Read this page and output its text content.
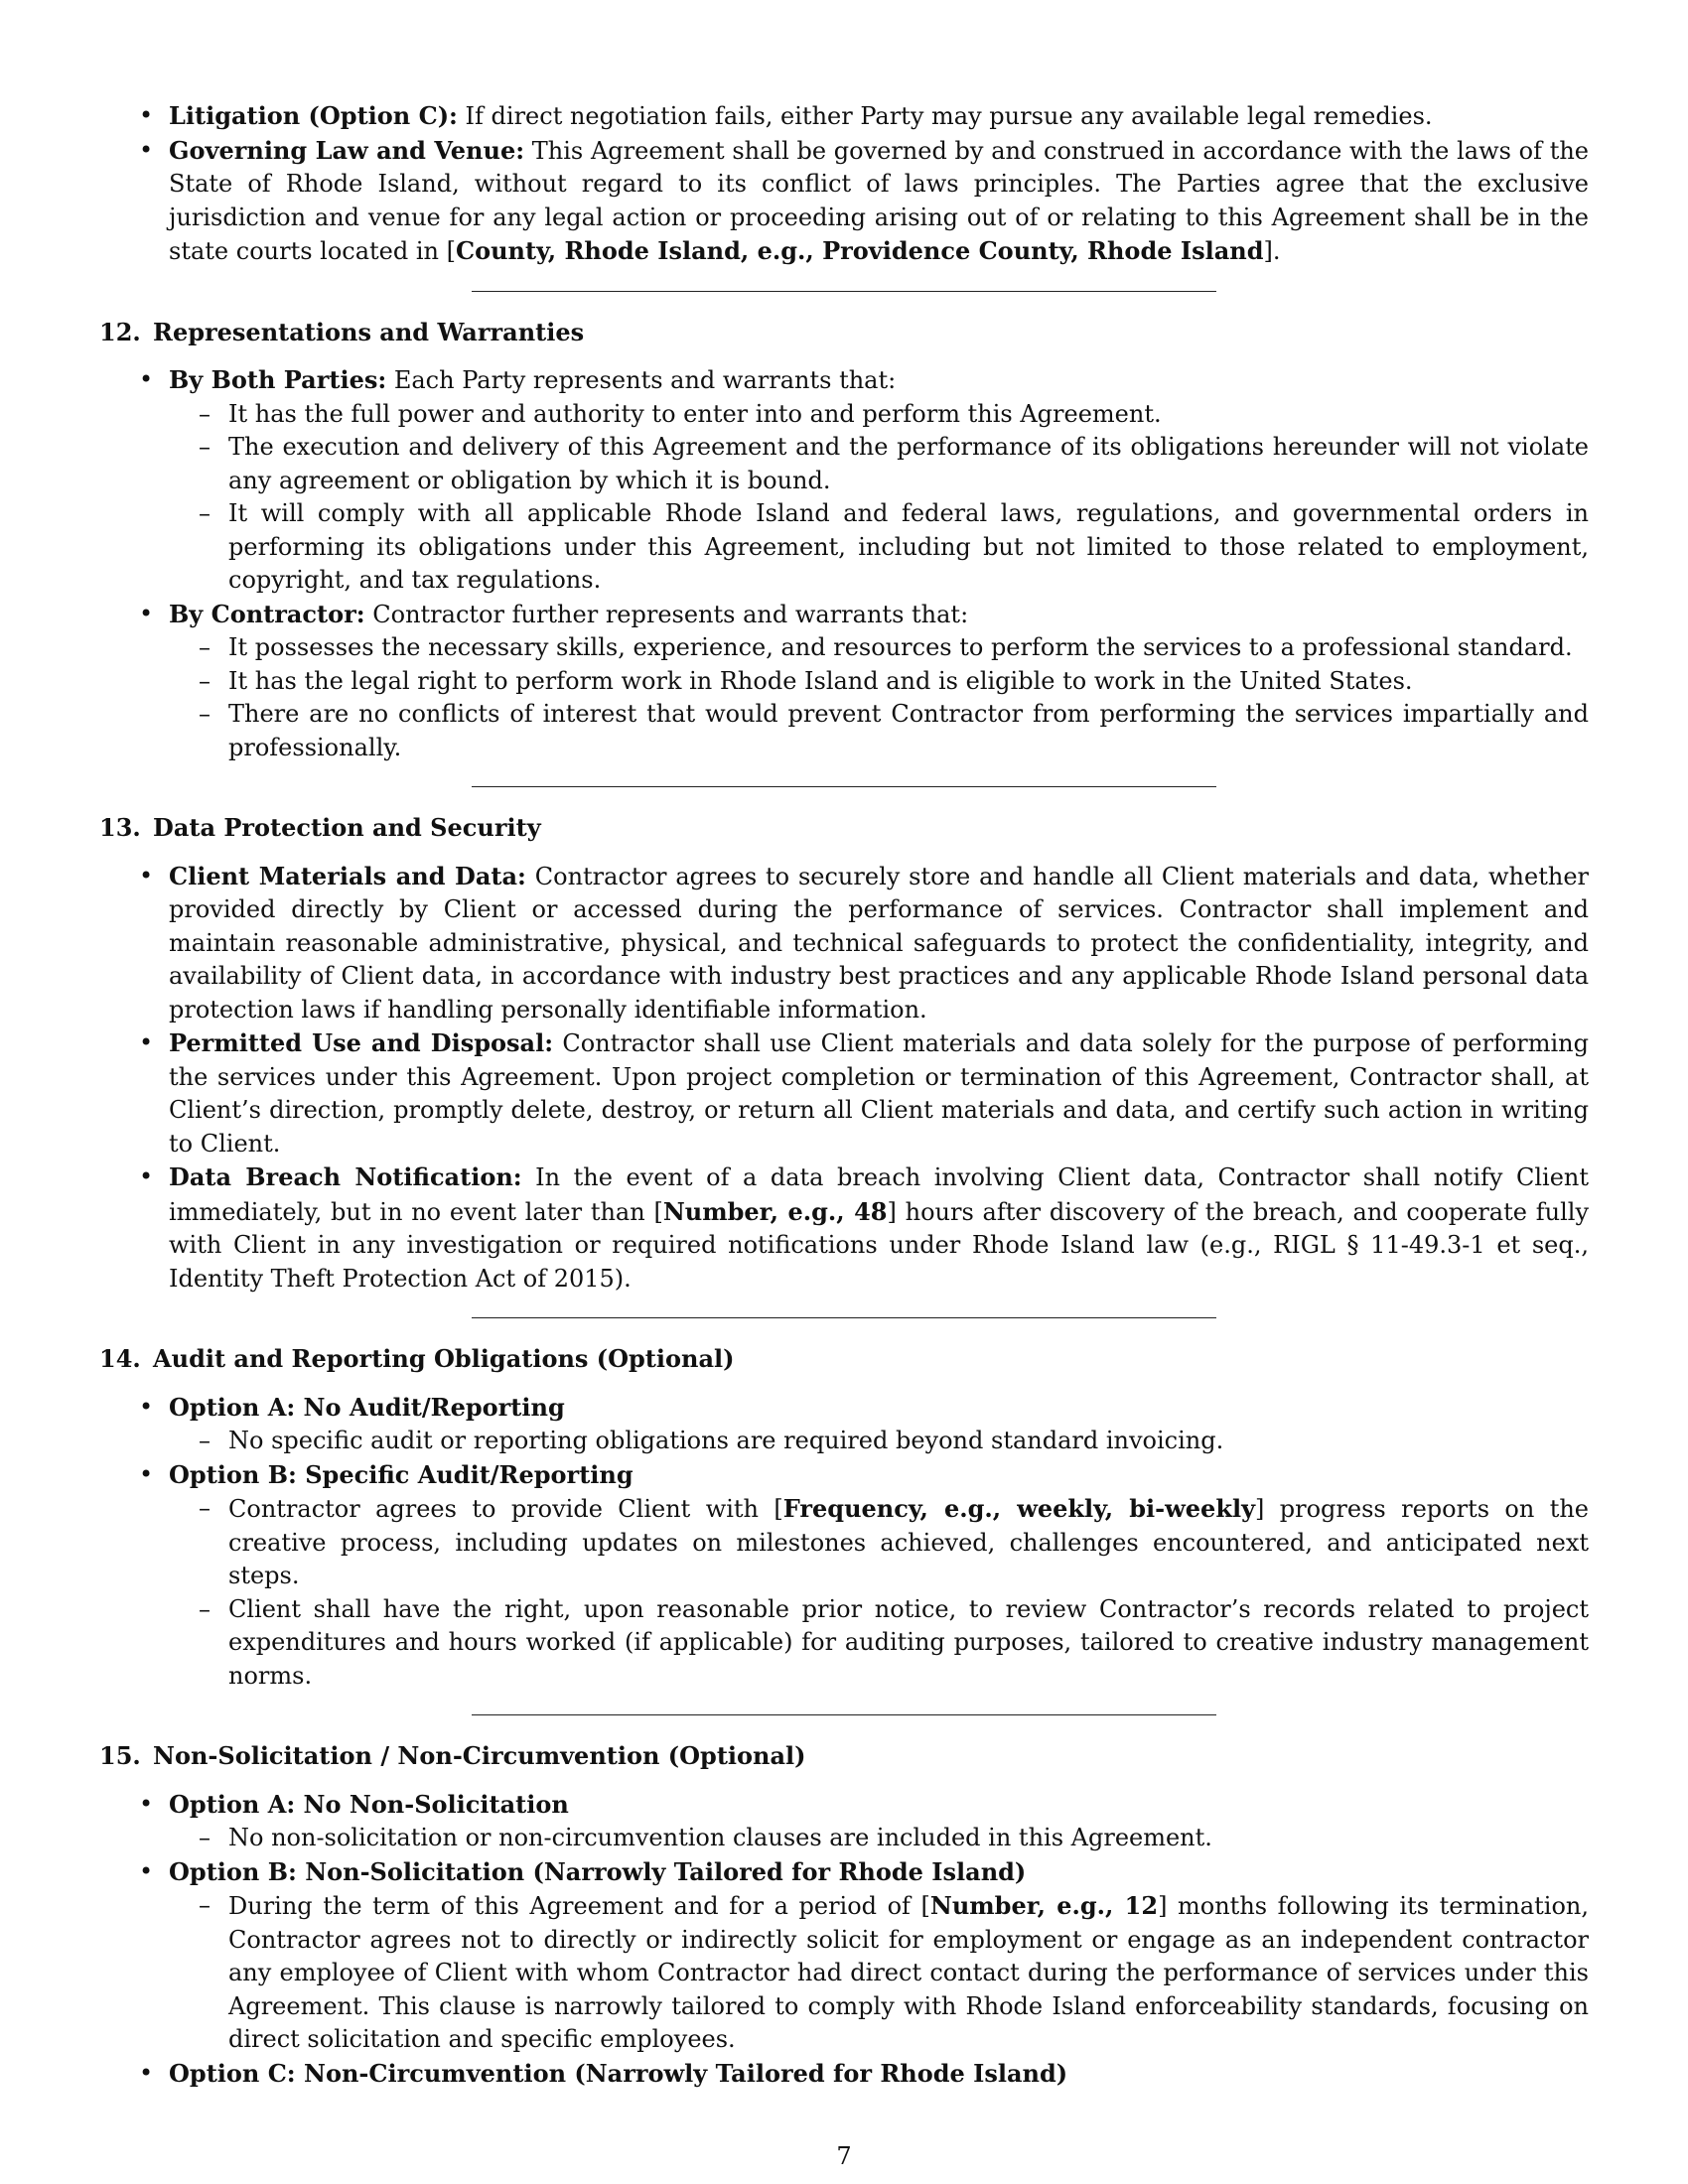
• Litigation (Option C): If direct negotiation fails, either Party may pursue any available legal remedies.
• Governing Law and Venue: This Agreement shall be governed by and construed in accordance with the laws of the State of Rhode Island, without regard to its conflict of laws principles. The Parties agree that the exclusive jurisdiction and venue for any legal action or proceeding arising out of or relating to this Agreement shall be in the state courts located in [County, Rhode Island, e.g., Providence County, Rhode Island].
12. Representations and Warranties
• By Both Parties: Each Party represents and warrants that:
– It has the full power and authority to enter into and perform this Agreement.
– The execution and delivery of this Agreement and the performance of its obligations hereunder will not violate any agreement or obligation by which it is bound.
– It will comply with all applicable Rhode Island and federal laws, regulations, and governmental orders in performing its obligations under this Agreement, including but not limited to those related to employment, copyright, and tax regulations.
• By Contractor: Contractor further represents and warrants that:
– It possesses the necessary skills, experience, and resources to perform the services to a professional standard.
– It has the legal right to perform work in Rhode Island and is eligible to work in the United States.
– There are no conflicts of interest that would prevent Contractor from performing the services impartially and professionally.
13. Data Protection and Security
• Client Materials and Data: Contractor agrees to securely store and handle all Client materials and data, whether provided directly by Client or accessed during the performance of services. Contractor shall implement and maintain reasonable administrative, physical, and technical safeguards to protect the confidentiality, integrity, and availability of Client data, in accordance with industry best practices and any applicable Rhode Island personal data protection laws if handling personally identifiable information.
• Permitted Use and Disposal: Contractor shall use Client materials and data solely for the purpose of performing the services under this Agreement. Upon project completion or termination of this Agreement, Contractor shall, at Client’s direction, promptly delete, destroy, or return all Client materials and data, and certify such action in writing to Client.
• Data Breach Notification: In the event of a data breach involving Client data, Contractor shall notify Client immediately, but in no event later than [Number, e.g., 48] hours after discovery of the breach, and cooperate fully with Client in any investigation or required notifications under Rhode Island law (e.g., RIGL § 11-49.3-1 et seq., Identity Theft Protection Act of 2015).
14. Audit and Reporting Obligations (Optional)
• Option A: No Audit/Reporting
– No specific audit or reporting obligations are required beyond standard invoicing.
• Option B: Specific Audit/Reporting
– Contractor agrees to provide Client with [Frequency, e.g., weekly, bi-weekly] progress reports on the creative process, including updates on milestones achieved, challenges encountered, and anticipated next steps.
– Client shall have the right, upon reasonable prior notice, to review Contractor’s records related to project expenditures and hours worked (if applicable) for auditing purposes, tailored to creative industry management norms.
15. Non-Solicitation / Non-Circumvention (Optional)
• Option A: No Non-Solicitation
– No non-solicitation or non-circumvention clauses are included in this Agreement.
• Option B: Non-Solicitation (Narrowly Tailored for Rhode Island)
– During the term of this Agreement and for a period of [Number, e.g., 12] months following its termination, Contractor agrees not to directly or indirectly solicit for employment or engage as an independent contractor any employee of Client with whom Contractor had direct contact during the performance of services under this Agreement. This clause is narrowly tailored to comply with Rhode Island enforceability standards, focusing on direct solicitation and specific employees.
• Option C: Non-Circumvention (Narrowly Tailored for Rhode Island)
7
